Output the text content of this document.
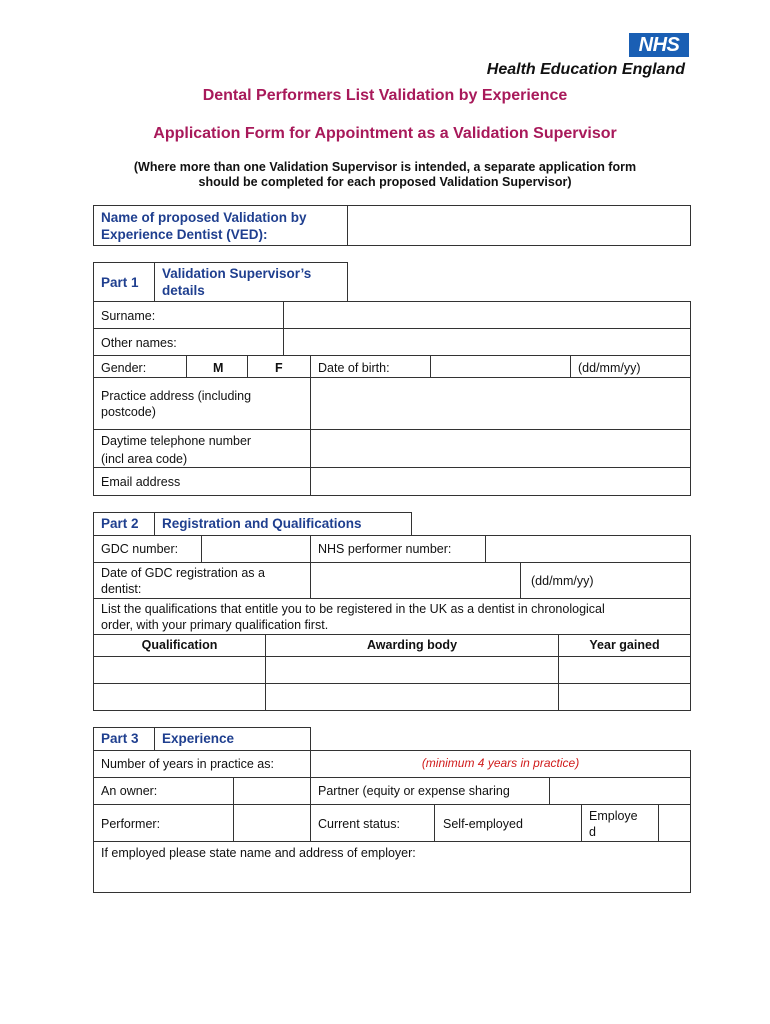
NHS
Health Education England
Dental Performers List Validation by Experience
Application Form for Appointment as a Validation Supervisor
(Where more than one Validation Supervisor is intended, a separate application form
should be completed for each proposed Validation Supervisor)
Name of proposed Validation by
Experience Dentist (VED):
Part 1
Validation Supervisor’s
details
Surname:
Other names:
Gender:	M	F	Date of birth:	(dd/mm/yy)
Practice address (including
postcode)
Daytime telephone number
(incl area code)
Email address
Part 2 Registration and Qualifications
GDC number:	NHS performer number:
Date of GDC registration as a
dentist:
(dd/mm/yy)
List the qualifications that entitle you to be registered in the UK as a dentist in chronological
order, with your primary qualification first.
Qualification	Awarding body	Year gained
Part 3 Experience
Number of years in practice as:	(minimum 4 years in practice)
An owner:	Partner (equity or expense sharing
Performer:	Current status:	Self-employed
Employe
d
If employed please state name and address of employer:
